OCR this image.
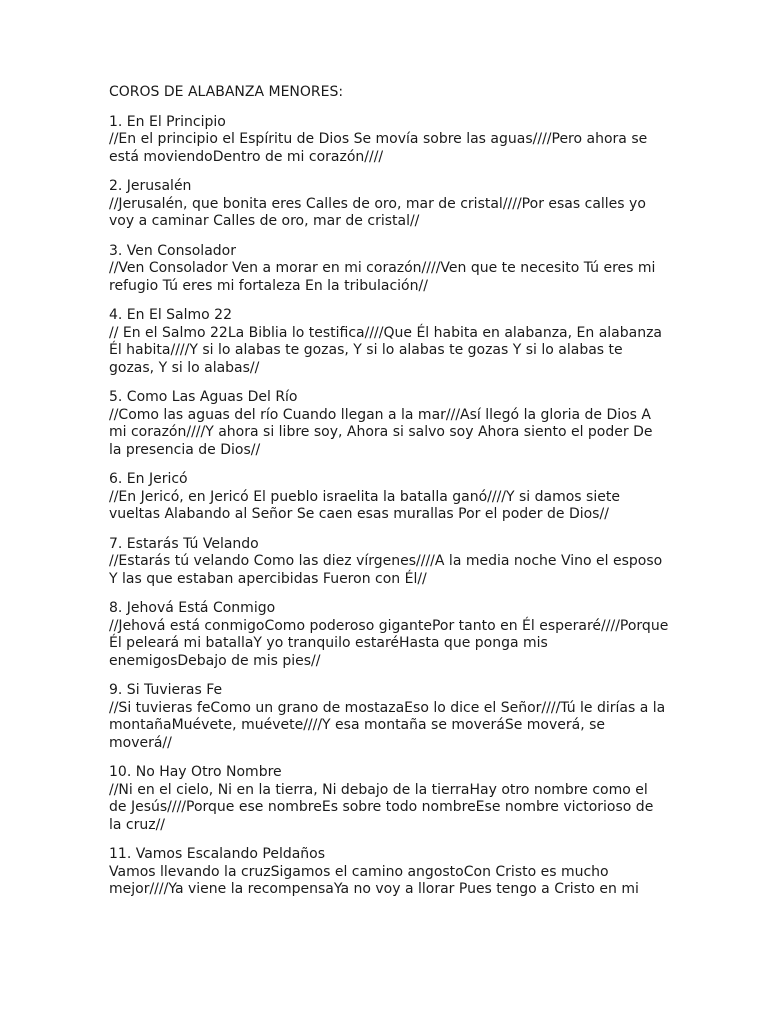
COROS DE ALABANZA MENORES:
1. En El Principio
//En el principio el Espíritu de Dios Se movía sobre las aguas////Pero ahora se está moviendoDentro de mi corazón////
2. Jerusalén
//Jerusalén, que bonita eres Calles de oro, mar de cristal////Por esas calles yo voy a caminar Calles de oro, mar de cristal//
3. Ven Consolador
//Ven Consolador Ven a morar en mi corazón////Ven que te necesito Tú eres mi refugio Tú eres mi fortaleza En la tribulación//
4. En El Salmo 22
// En el Salmo 22La Biblia lo testifica////Que Él habita en alabanza, En alabanza Él habita////Y si lo alabas te gozas, Y si lo alabas te gozas Y si lo alabas te gozas, Y si lo alabas//
5. Como Las Aguas Del Río
//Como las aguas del río Cuando llegan a la mar///Así llegó la gloria de Dios A mi corazón////Y ahora si libre soy, Ahora si salvo soy Ahora siento el poder De la presencia de Dios//
6. En Jericó
//En Jericó, en Jericó El pueblo israelita la batalla ganó////Y si damos siete vueltas Alabando al Señor Se caen esas murallas Por el poder de Dios//
7. Estarás Tú Velando
//Estarás tú velando Como las diez vírgenes////A la media noche Vino el esposo Y las que estaban apercibidas Fueron con Él//
8. Jehová Está Conmigo
//Jehová está conmigoComo poderoso gigantePor tanto en Él esperaré////Porque Él peleará mi batallaY yo tranquilo estaréHasta que ponga mis enemigosDebajo de mis pies//
9. Si Tuvieras Fe
//Si tuvieras feComo un grano de mostazaEso lo dice el Señor////Tú le dirías a la montañaMuévete, muévete////Y esa montaña se moveráSe moverá, se moverá//
10. No Hay Otro Nombre
//Ni en el cielo, Ni en la tierra, Ni debajo de la tierraHay otro nombre como el de Jesús////Porque ese nombreEs sobre todo nombreEse nombre victorioso de la cruz//
11. Vamos Escalando Peldaños
Vamos llevando la cruzSigamos el camino angostoCon Cristo es mucho mejor////Ya viene la recompensaYa no voy a llorar Pues tengo a Cristo en mi
